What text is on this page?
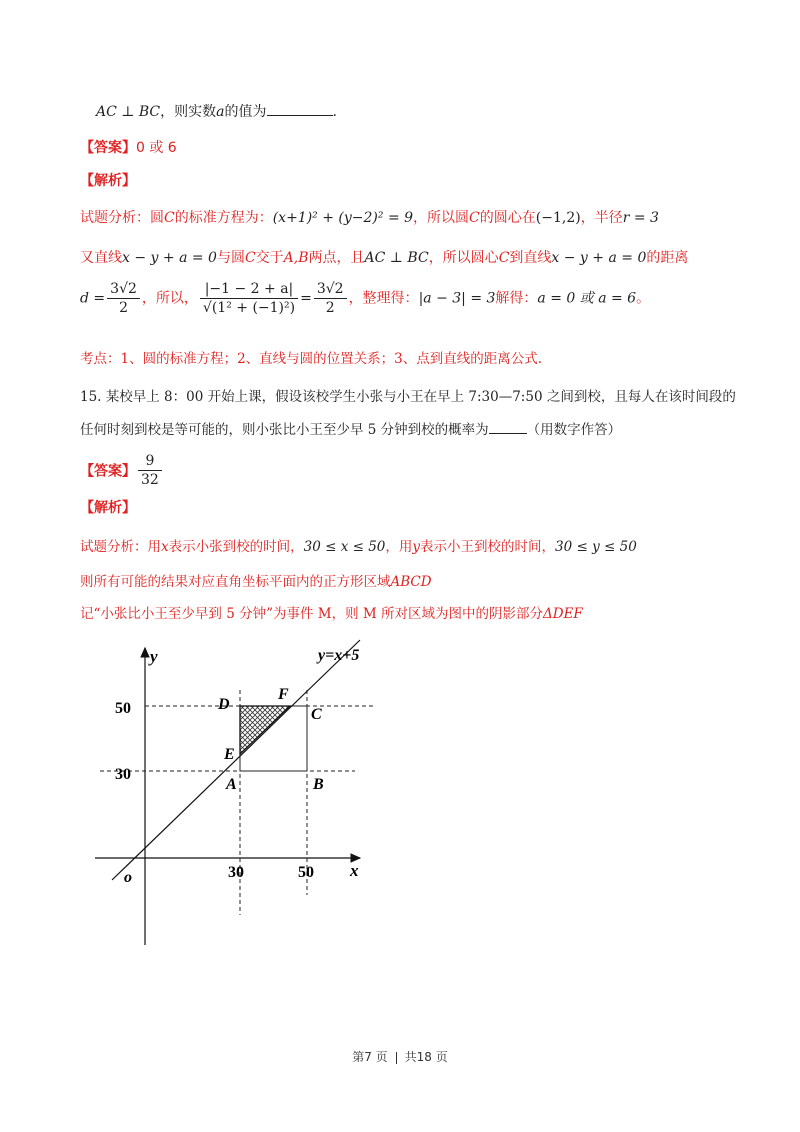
AC ⊥ BC，则实数a的值为	.
【答案】0 或 6
【解析】
试题分析：圆C的标准方程为：(x+1)² + (y−2)² = 9，所以圆C的圆心在(−1,2)，半径r = 3
又直线x − y + a = 0与圆C交于A,B两点，且AC ⊥ BC，所以圆心C到直线x − y + a = 0的距离
$d = \frac{3√2}{2}$ ，所以， $\frac{|-1 - 2 + a|}{\text{√(1² + (−1)²)}} = \frac{3√2}{2}$ ，整理得：|a − 3| = 3解得：a = 0 或 a = 6。
考点：1、圆的标准方程；2、直线与圆的位置关系；3、点到直线的距离公式.
15. 某校早上 8：00 开始上课，假设该校学生小张与小王在早上 7:30—7:50 之间到校，且每人在该时间段的
任何时刻到校是等可能的，则小张比小王至少早 5 分钟到校的概率为	（用数字作答）
【答案】 $\frac{9}{32}$
【解析】
试题分析：用x表示小张到校的时间，30 ≤ x ≤ 50，用y表示小王到校的时间，30 ≤ y ≤ 50
则所有可能的结果对应直角坐标平面内的正方形区域ABCD
记“小张比小王至少早到 5 分钟”为事件 M，则 M 所对区域为图中的阴影部分ΔDEF
y
x
o
y=x+5
50
30
30	50
D
F
C
E
A	B
第7 页 共18 页
